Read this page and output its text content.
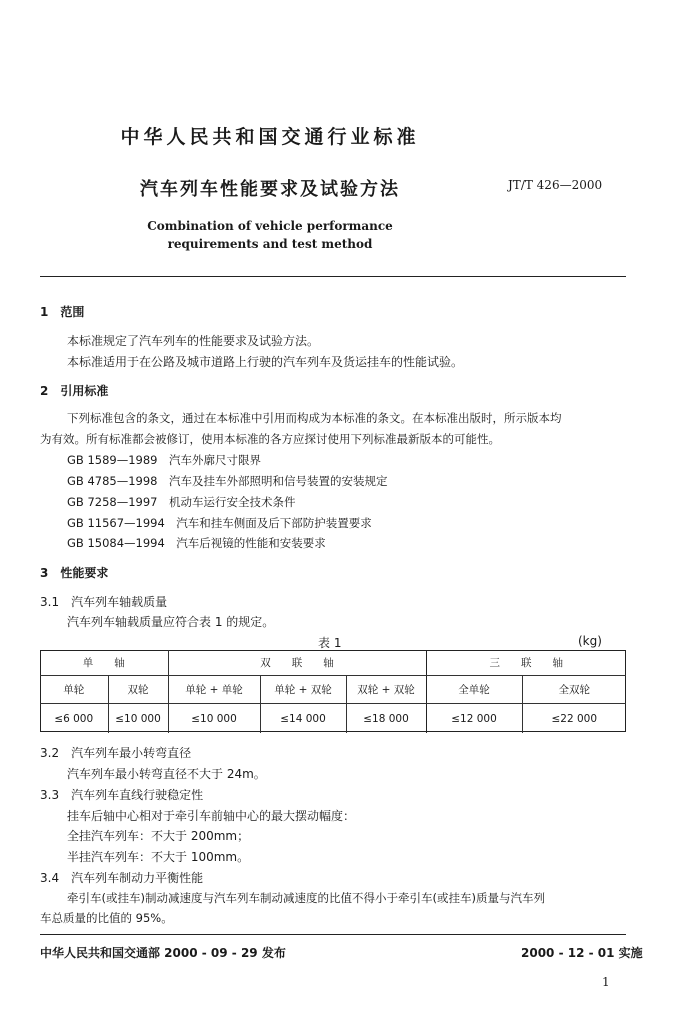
中华人民共和国交通行业标准
汽车列车性能要求及试验方法	JT/T 426—2000
Combination of vehicle performance
requirements and test method
1　范围
本标准规定了汽车列车的性能要求及试验方法。
本标准适用于在公路及城市道路上行驶的汽车列车及货运挂车的性能试验。
2　引用标准
下列标准包含的条文，通过在本标准中引用而构成为本标准的条文。在本标准出版时，所示版本均
为有效。所有标准都会被修订，使用本标准的各方应探讨使用下列标准最新版本的可能性。
GB 1589—1989　汽车外廓尺寸限界
GB 4785—1998　汽车及挂车外部照明和信号装置的安装规定
GB 7258—1997　机动车运行安全技术条件
GB 11567—1994　汽车和挂车侧面及后下部防护装置要求
GB 15084—1994　汽车后视镜的性能和安装要求
3　性能要求
3.1　汽车列车轴载质量
汽车列车轴载质量应符合表 1 的规定。
表 1	(kg)
单　　轴		双　　联　　轴			三　　联　　轴	
单轮	双轮	单轮 + 单轮	单轮 + 双轮	双轮 + 双轮	全单轮	全双轮
≤6 000	≤10 000	≤10 000	≤14 000	≤18 000	≤12 000	≤22 000
3.2　汽车列车最小转弯直径
汽车列车最小转弯直径不大于 24m。
3.3　汽车列车直线行驶稳定性
挂车后轴中心相对于牵引车前轴中心的最大摆动幅度：
全挂汽车列车：不大于 200mm；
半挂汽车列车：不大于 100mm。
3.4　汽车列车制动力平衡性能
牵引车(或挂车)制动减速度与汽车列车制动减速度的比值不得小于牵引车(或挂车)质量与汽车列
车总质量的比值的 95%。
中华人民共和国交通部 2000 - 09 - 29 发布	2000 - 12 - 01 实施
1
